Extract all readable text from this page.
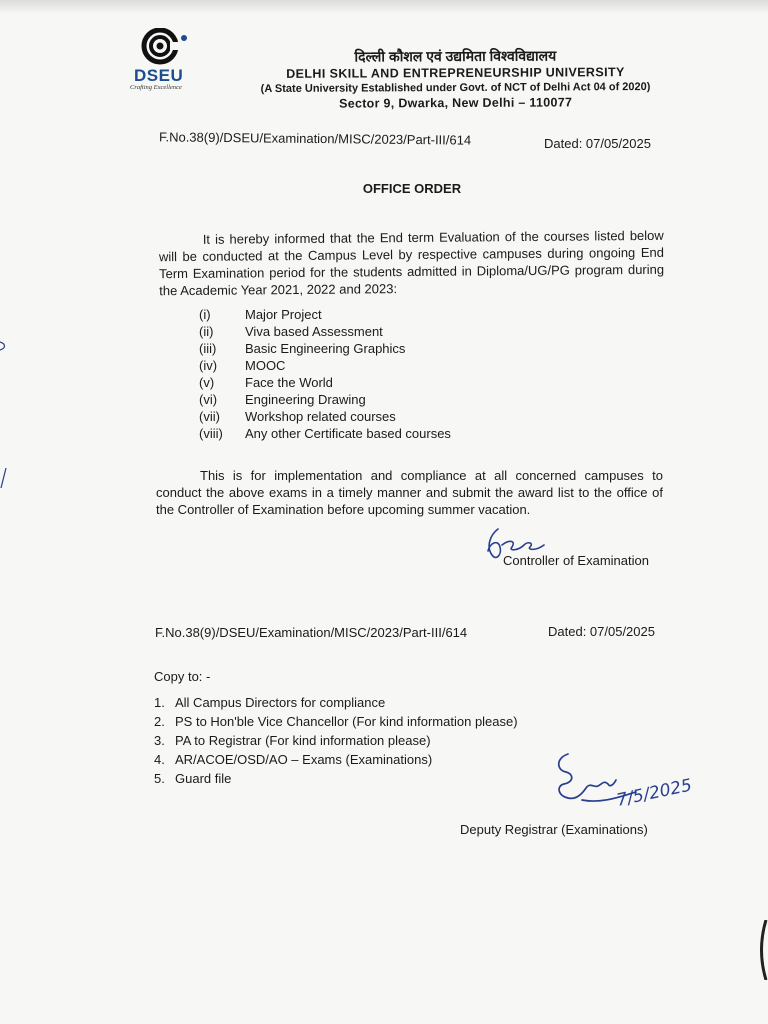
DSEU
Crafting Excellence
दिल्ली कौशल एवं उद्यमिता विश्वविद्यालय
DELHI SKILL AND ENTREPRENEURSHIP UNIVERSITY
(A State University Established under Govt. of NCT of Delhi Act 04 of 2020)
Sector 9, Dwarka, New Delhi – 110077
F.No.38(9)/DSEU/Examination/MISC/2023/Part-III/614	Dated: 07/05/2025
OFFICE ORDER

It is hereby informed that the End term Evaluation of the courses listed below will be conducted at the Campus Level by respective campuses during ongoing End Term Examination period for the students admitted in Diploma/UG/PG program during the Academic Year 2021, 2022 and 2023:

(i)	Major Project
(ii)	Viva based Assessment
(iii)	Basic Engineering Graphics
(iv)	MOOC
(v)	Face the World
(vi)	Engineering Drawing
(vii)	Workshop related courses
(viii)	Any other Certificate based courses

This is for implementation and compliance at all concerned campuses to conduct the above exams in a timely manner and submit the award list to the office of the Controller of Examination before upcoming summer vacation.

Controller of Examination
F.No.38(9)/DSEU/Examination/MISC/2023/Part-III/614	Dated: 07/05/2025
Copy to: -
1. All Campus Directors for compliance
2. PS to Hon'ble Vice Chancellor (For kind information please)
3. PA to Registrar (For kind information please)
4. AR/ACOE/OSD/AO – Exams (Examinations)
5. Guard file	7/5/2025
Deputy Registrar (Examinations)
